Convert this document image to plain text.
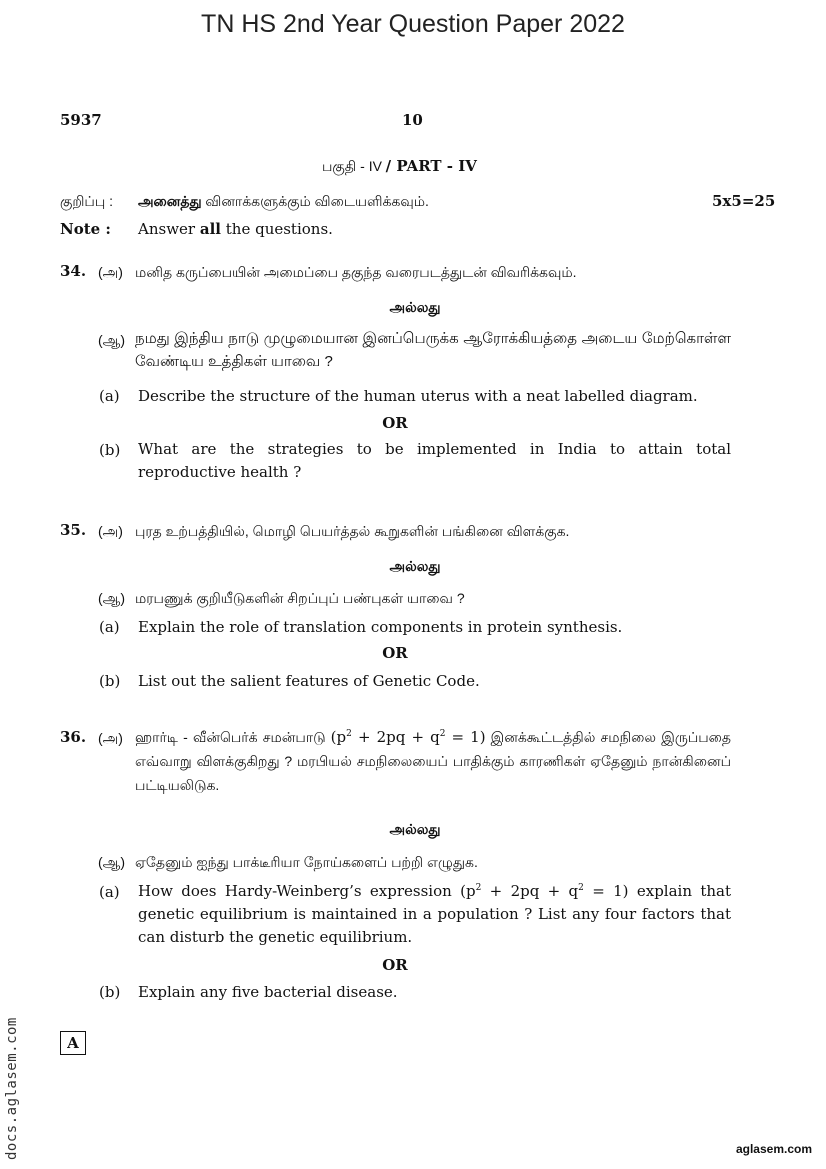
TN HS 2nd Year Question Paper 2022
5937	10
பகுதி - IV / PART - IV
குறிப்பு : அனைத்து வினாக்களுக்கும் விடையளிக்கவும்.	5x5=25
Note : Answer all the questions.
34. (அ) மனித கருப்பையின் அமைப்பை தகுந்த வரைபடத்துடன் விவரிக்கவும்.
அல்லது
(ஆ) நமது இந்திய நாடு முழுமையான இனப்பெருக்க ஆரோக்கியத்தை அடைய மேற்கொள்ள வேண்டிய உத்திகள் யாவை ?
(a) Describe the structure of the human uterus with a neat labelled diagram.
OR
(b) What are the strategies to be implemented in India to attain total reproductive health ?
35. (அ) புரத உற்பத்தியில், மொழி பெயர்த்தல் கூறுகளின் பங்கினை விளக்குக.
அல்லது
(ஆ) மரபணுக் குறியீடுகளின் சிறப்புப் பண்புகள் யாவை ?
(a) Explain the role of translation components in protein synthesis.
OR
(b) List out the salient features of Genetic Code.
36. (அ) ஹார்டி - வீன்பெர்க் சமன்பாடு $(p^2 + 2pq + q^2 = 1)$ இனக்கூட்டத்தில் சமநிலை இருப்பதை எவ்வாறு விளக்குகிறது ? மரபியல் சமநிலையைப் பாதிக்கும் காரணிகள் ஏதேனும் நான்கினைப் பட்டியலிடுக.
அல்லது
(ஆ) ஏதேனும் ஐந்து பாக்டீரியா நோய்களைப் பற்றி எழுதுக.
(a) How does Hardy-Weinberg’s expression $(p^2 + 2pq + q^2 = 1)$ explain that genetic equilibrium is maintained in a population ? List any four factors that can disturb the genetic equilibrium.
OR
(b) Explain any five bacterial disease.
A
docs.aglasem.com	aglasem.com
